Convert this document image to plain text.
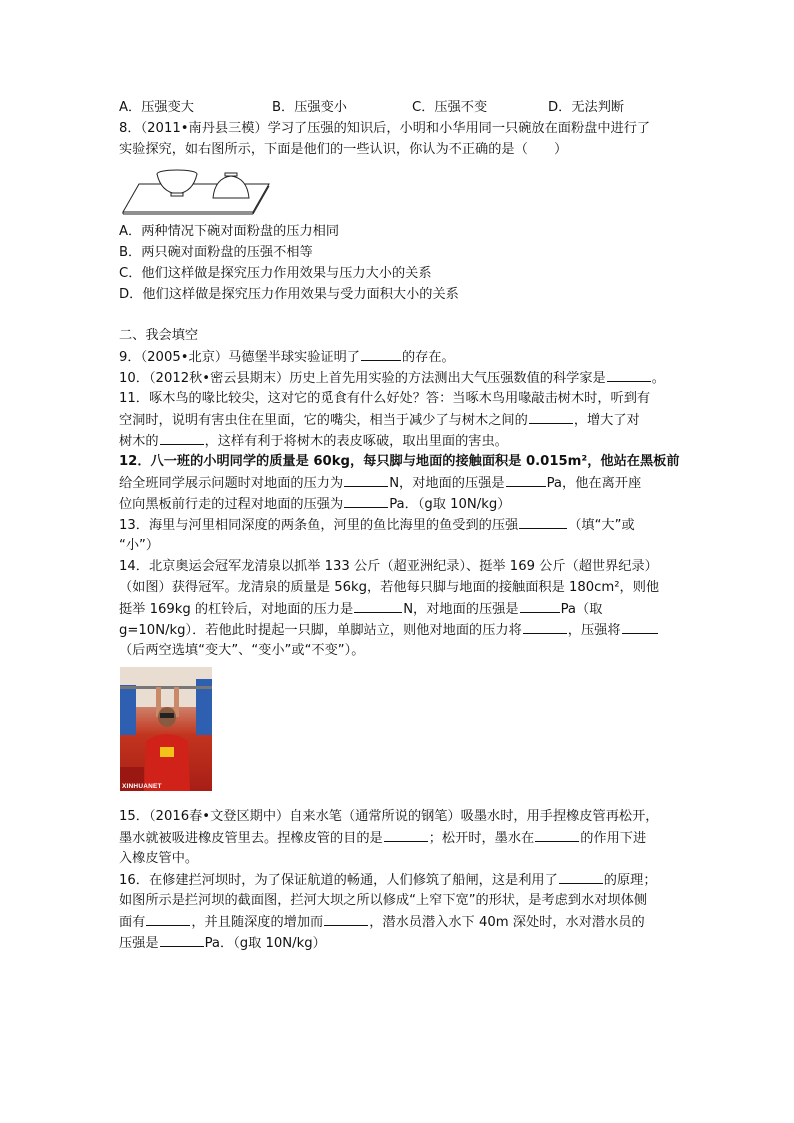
A．压强变大	B．压强变小	C．压强不变	D．无法判断
8．（2011•南丹县三模）学习了压强的知识后，小明和小华用同一只碗放在面粉盘中进行了
实验探究，如右图所示，下面是他们的一些认识，你认为不正确的是（　　）
A．两种情况下碗对面粉盘的压力相同
B．两只碗对面粉盘的压强不相等
C．他们这样做是探究压力作用效果与压力大小的关系
D．他们这样做是探究压力作用效果与受力面积大小的关系
二、我会填空
9．（2005•北京）马德堡半球实验证明了	的存在。
10．（2012秋•密云县期末）历史上首先用实验的方法测出大气压强数值的科学家是	。
11．啄木鸟的喙比较尖，这对它的觅食有什么好处？答：当啄木鸟用喙敲击树木时，听到有
空洞时，说明有害虫住在里面，它的嘴尖，相当于减少了与树木之间的	，增大了对
树木的	，这样有利于将树木的表皮啄破，取出里面的害虫。
12．八一班的小明同学的质量是 60kg，每只脚与地面的接触面积是 0.015m²，他站在黑板前
给全班同学展示问题时对地面的压力为	N，对地面的压强是	Pa，他在离开座
位向黑板前行走的过程对地面的压强为	Pa．（g取 10N/kg）
13．海里与河里相同深度的两条鱼，河里的鱼比海里的鱼受到的压强	（填“大”或
“小”）
14．北京奥运会冠军龙清泉以抓举 133 公斤（超亚洲纪录）、挺举 169 公斤（超世界纪录）
（如图）获得冠军。龙清泉的质量是 56kg，若他每只脚与地面的接触面积是 180cm²，则他
挺举 169kg 的杠铃后，对地面的压力是	N，对地面的压强是	Pa（取
g=10N/kg）．若他此时提起一只脚，单脚站立，则他对地面的压力将	，压强将
（后两空选填“变大”、“变小”或“不变”）。
XINHUANET
15．（2016春•文登区期中）自来水笔（通常所说的钢笔）吸墨水时，用手捏橡皮管再松开，
墨水就被吸进橡皮管里去。捏橡皮管的目的是	；松开时，墨水在	的作用下进
入橡皮管中。
16．在修建拦河坝时，为了保证航道的畅通，人们修筑了船闸，这是利用了	的原理；
如图所示是拦河坝的截面图，拦河大坝之所以修成“上窄下宽”的形状，是考虑到水对坝体侧
面有	，并且随深度的增加而	，潜水员潜入水下 40m 深处时，水对潜水员的
压强是	Pa．（g取 10N/kg）
